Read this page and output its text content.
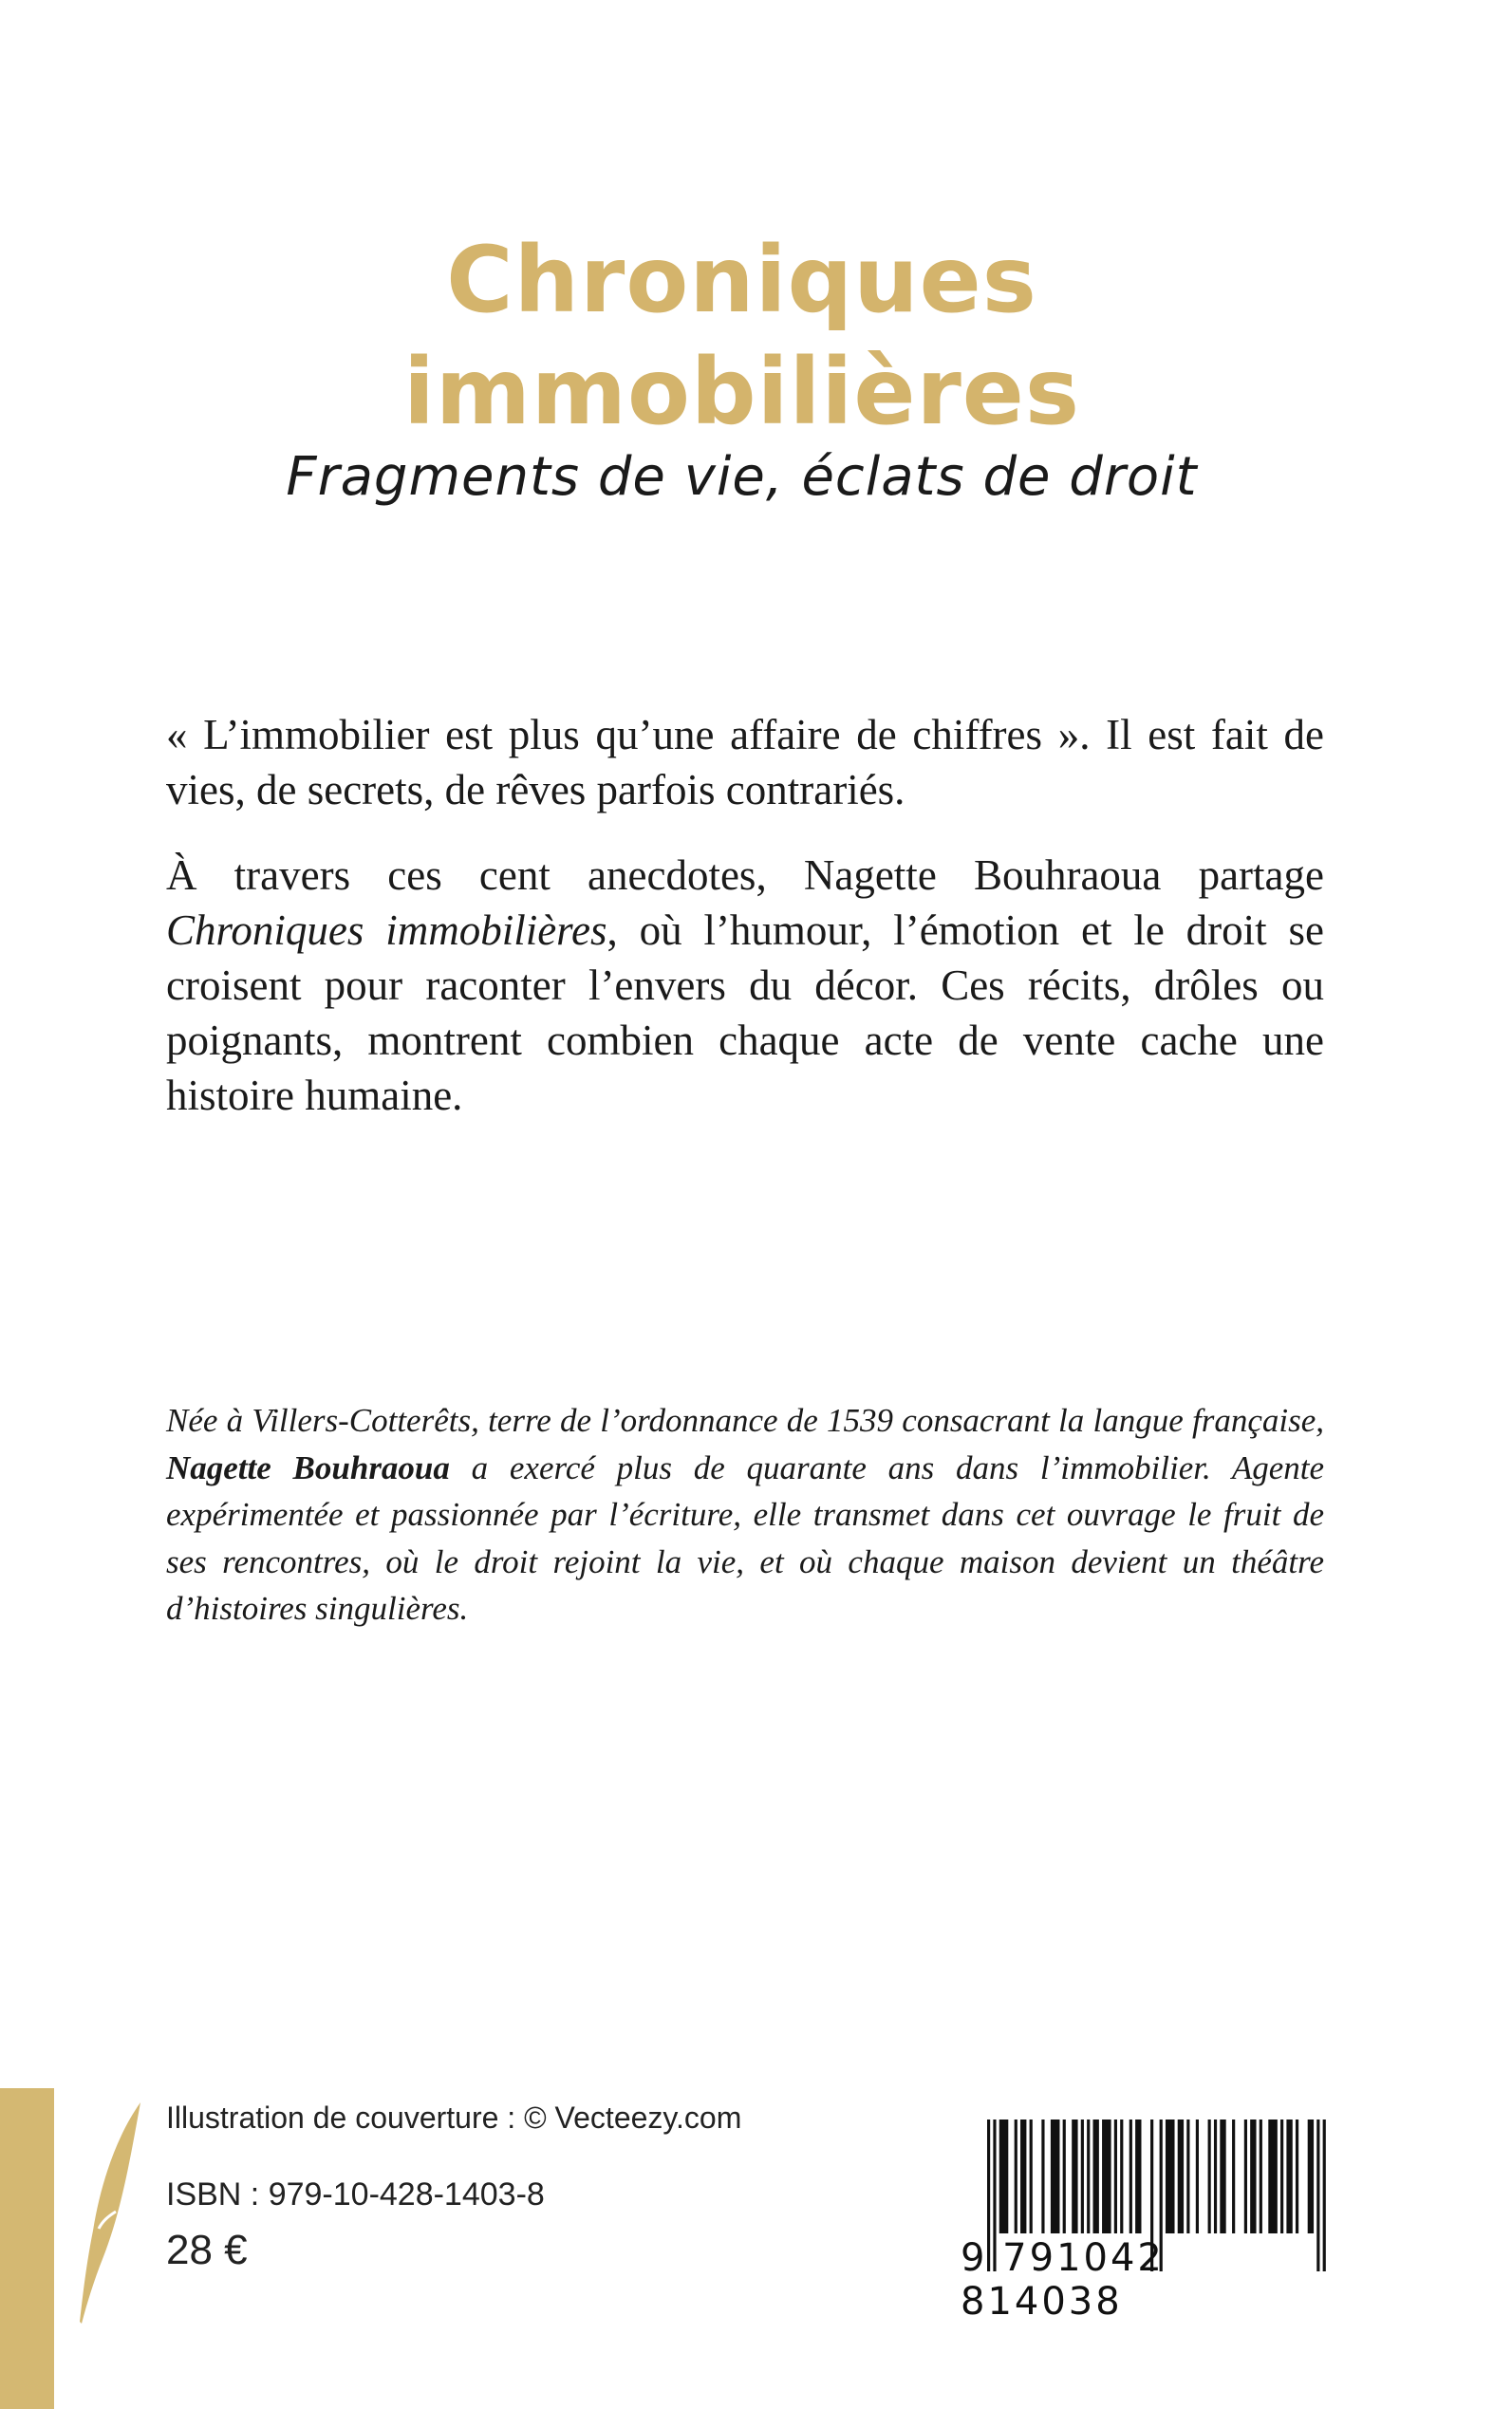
Chroniques
immobilières
Fragments de vie, éclats de droit

« L’immobilier est plus qu’une affaire de chiffres ». Il est fait de vies, de secrets, de rêves parfois contrariés.

À travers ces cent anecdotes, Nagette Bouhraoua partage Chroniques immobilières, où l’humour, l’émotion et le droit se croisent pour raconter l’envers du décor. Ces récits, drôles ou poignants, montrent combien chaque acte de vente cache une histoire humaine.

Née à Villers-Cotterêts, terre de l’ordonnance de 1539 consacrant la langue française, Nagette Bouhraoua a exercé plus de quarante ans dans l’immobilier. Agente expérimentée et passionnée par l’écriture, elle transmet dans cet ouvrage le fruit de ses rencontres, où le droit rejoint la vie, et où chaque maison devient un théâtre d’histoires singulières.
Illustration de couverture : © Vecteezy.com
ISBN : 979-10-428-1403-8
28 €	9 791042 814038
